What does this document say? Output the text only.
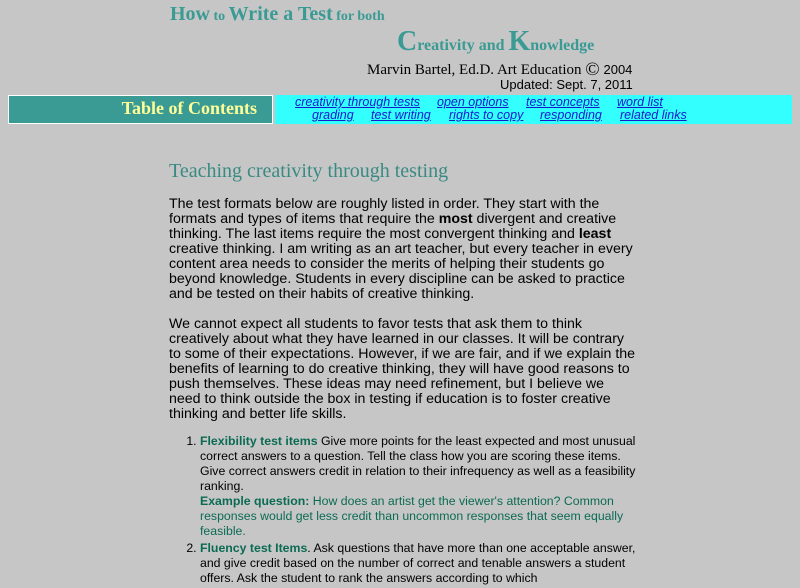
How to Write a Test for both
Creativity and Knowledge
Marvin Bartel, Ed.D. Art Education © 2004
Updated: Sept. 7, 2011
Table of Contents	creativity through tests open options test concepts word list
grading test writing rights to copy responding related links
Teaching creativity through testing

The test formats below are roughly listed in order. They start with the formats and types of items that require the most divergent and creative thinking. The last items require the most convergent thinking and least creative thinking. I am writing as an art teacher, but every teacher in every content area needs to consider the merits of helping their students go beyond knowledge. Students in every discipline can be asked to practice and be tested on their habits of creative thinking.

We cannot expect all students to favor tests that ask them to think creatively about what they have learned in our classes. It will be contrary to some of their expectations. However, if we are fair, and if we explain the benefits of learning to do creative thinking, they will have good reasons to push themselves. These ideas may need refinement, but I believe we need to think outside the box in testing if education is to foster creative thinking and better life skills.

1. Flexibility test items Give more points for the least expected and most unusual correct answers to a question. Tell the class how you are scoring these items. Give correct answers credit in relation to their infrequency as well as a feasibility ranking.
Example question: How does an artist get the viewer's attention? Common responses would get less credit than uncommon responses that seem equally feasible.
2. Fluency test Items. Ask questions that have more than one acceptable answer, and give credit based on the number of correct and tenable answers a student offers. Ask the student to rank the answers according to which
